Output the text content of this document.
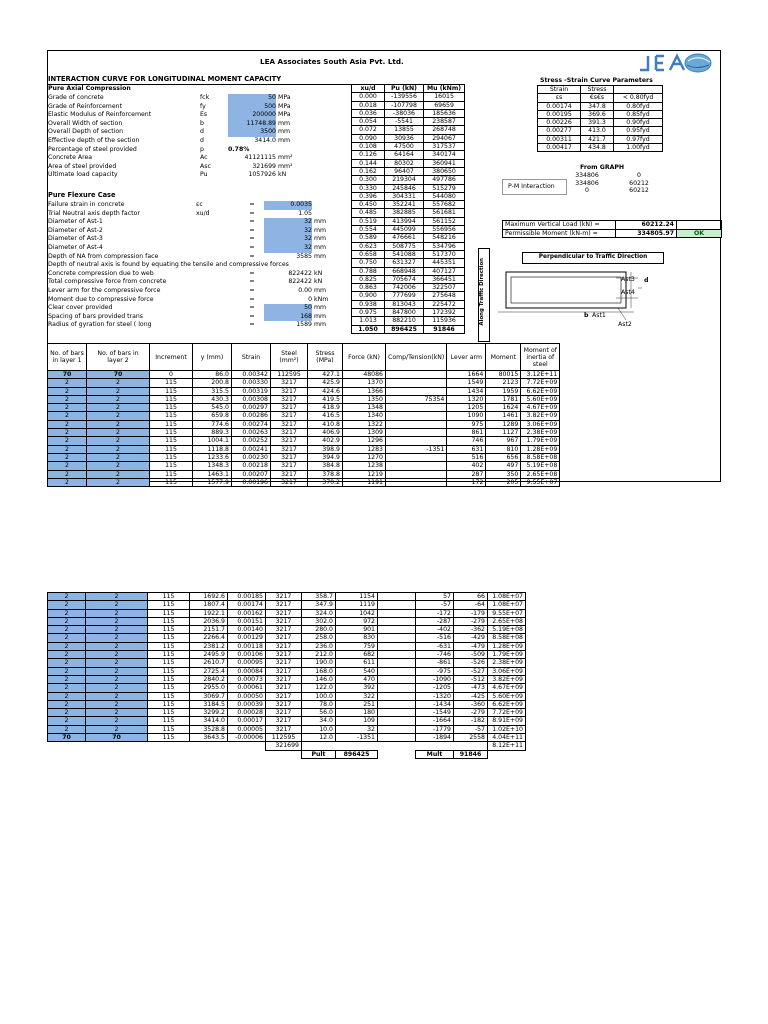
LEA Associates South Asia Pvt. Ltd.
INTERACTION CURVE FOR LONGITUDINAL MOMENT CAPACITY
Pure Axial Compression
Grade of concrete	fck	50	MPa
Grade of Reinforcement	fy	500	MPa
Elastic Modulus of Reinforcement	Es	200000	MPa
Overall Width of section	b	11748.89	mm
Overall Depth of section	d	3500	mm
Effective depth of the section	d	3414.0	mm
Percentage of steel provided	p	0.78%	
Concrete Area	Ac	41121115	mm²
Area of steel provided	Asc	321699	mm²
Ultimate load capacity	Pu	1057926	kN
Pure Flexure Case
Failure strain in concrete	εc	=	0.0035	
Trial Neutral axis depth factor	xu/d	=	1.05	
Diameter of Ast-1		=	32	mm
Diameter of Ast-2		=	32	mm
Diameter of Ast-3		=	32	mm
Diameter of Ast-4		=	32	mm
Depth of NA from compression face		=	3585	mm
Depth of neutral axis is found by equating the tensile and compressive forces				
Concrete compression due to web		=	822422	kN
Total compressive force from concrete		=	822422	kN
Lever arm for the compressive force		=	0.00	mm
Moment due to compressive force		=	0	kNm
Clear cover provided		=	50	mm
Spacing of bars provided trans		=	168	mm
Radius of gyration for steel ( long		=	1589	mm
xu/d	Pu (kN)	Mu (kNm)
0.000	-139556	16015
0.018	-107798	69659
0.036	-38036	185636
0.054	-5541	238587
0.072	13855	268748
0.090	30936	294067
0.108	47500	317537
0.126	64164	340174
0.144	80302	360941
0.162	96407	380650
0.300	219304	497786
0.330	245846	515279
0.396	304331	544080
0.450	352241	557682
0.485	382885	561681
0.519	413994	561152
0.554	445099	556956
0.589	476661	548216
0.623	508775	534796
0.658	541088	517370
0.750	631327	445351
0.788	668948	407127
0.825	705674	366451
0.863	742006	322507
0.900	777699	275648
0.938	813043	225472
0.975	847800	172392
1.013	882210	115936
1.050	896425	91846
Stress -Strain Curve Parameters
Strain	Stress	
εs	€s€s	< 0.80fyd
0.00174	347.8	0.80fyd
0.00195	369.6	0.85fyd
0.00226	391.3	0.90fyd
0.00277	413.0	0.95fyd
0.00311	421.7	0.97fyd
0.00417	434.8	1.00fyd
From GRAPH
P-M Interaction
334806	0
334806	60212
0	60212
Maximum Vertical Load (kN) =	60212.24	
Permissible Moment (kN-m) =	334805.97	OK
Perpendicular to Traffic Direction
Along Traffic Direction	Ast3 d
Ast4
b Ast1
Ast2
No. of bars in layer 1	No. of bars in layer 2	Increment	y (mm)	Strain	Steel (mm²)	Stress (MPa)	Force (kN)	Comp/Tension(kN)	Lever arm	Moment	Moment of inertia of steel
70	70	0	86.0	0.00342	112595	427.1	48086		1664	80015	3.12E+11
2	2	115	200.8	0.00330	3217	425.9	1370		1549	2123	7.72E+09
2	2	115	315.5	0.00319	3217	424.6	1366		1434	1959	6.62E+09
2	2	115	430.3	0.00308	3217	419.5	1350	75354	1320	1781	5.60E+09
2	2	115	545.0	0.00297	3217	418.9	1348		1205	1624	4.67E+09
2	2	115	659.8	0.00286	3217	416.5	1340		1090	1461	3.82E+09
2	2	115	774.6	0.00274	3217	410.8	1322		975	1289	3.06E+09
2	2	115	889.3	0.00263	3217	406.9	1309		861	1127	2.38E+09
2	2	115	1004.1	0.00252	3217	402.9	1296		746	967	1.79E+09
2	2	115	1118.8	0.00241	3217	398.9	1283	-1351	631	810	1.28E+09
2	2	115	1233.6	0.00230	3217	394.9	1270		516	656	8.58E+08
2	2	115	1348.3	0.00218	3217	384.8	1238		402	497	5.19E+08
2	2	115	1463.1	0.00207	3217	378.8	1219		287	350	2.65E+08
2	2	115	1577.9	0.00196	3217	370.2	1191		172	205	9.55E+07

2	2	115	1692.6	0.00185	3217	358.7	1154		57	66	1.08E+07
2	2	115	1807.4	0.00174	3217	347.9	1119		-57	-64	1.08E+07
2	2	115	1922.1	0.00162	3217	324.0	1042		-172	-179	9.55E+07
2	2	115	2036.9	0.00151	3217	302.0	972		-287	-279	2.65E+08
2	2	115	2151.7	0.00140	3217	280.0	901		-402	-362	5.19E+08
2	2	115	2266.4	0.00129	3217	258.0	830		-516	-429	8.58E+08
2	2	115	2381.2	0.00118	3217	236.0	759		-631	-479	1.28E+09
2	2	115	2495.9	0.00106	3217	212.0	682		-746	-509	1.79E+09
2	2	115	2610.7	0.00095	3217	190.0	611		-861	-526	2.38E+09
2	2	115	2725.4	0.00084	3217	168.0	540		-975	-527	3.06E+09
2	2	115	2840.2	0.00073	3217	146.0	470		-1090	-512	3.82E+09
2	2	115	2955.0	0.00061	3217	122.0	392		-1205	-473	4.67E+09
2	2	115	3069.7	0.00050	3217	100.0	322		-1320	-425	5.60E+09
2	2	115	3184.5	0.00039	3217	78.0	251		-1434	-360	6.62E+09
2	2	115	3299.2	0.00028	3217	56.0	180		-1549	-279	7.72E+09
2	2	115	3414.0	0.00017	3217	34.0	109		-1664	-182	8.91E+09
2	2	115	3528.8	0.00005	3217	10.0	32		-1779	-57	1.02E+10
70	70	115	3643.5	-0.00006	112595	12.0	-1351		-1894	2558	4.04E+11
					321699						8.12E+11
						Pult	896425		Mult	91846	
